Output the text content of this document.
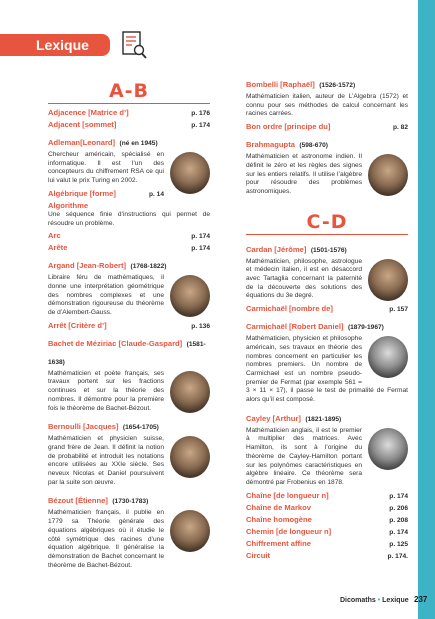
Lexique
A-B
Adjacence [Matrice d’]	p. 176
Adjacent [sommet]	p. 174
Adleman[Leonard] (né en 1945)
Chercheur américain, spécialisé en informatique. Il est l’un des concepteurs du chiffrement RSA ce qui lui valut le prix Turing en 2002.
Algébrique [forme]	p. 14
Algorithme
Une séquence finie d’instructions qui permet de résoudre un problème.
Arc	p. 174
Arête	p. 174
Argand [Jean-Robert] (1768-1822)
Libraire féru de mathématiques, il donne une interprétation géométrique des nombres complexes et une démonstration rigoureuse du théorème de d’Alembert-Gauss.
Arrêt [Critère d’]	p. 136
Bachet de Méziriac [Claude-Gaspard] (1581-1638)
Mathématicien et poète français, ses travaux portent sur les fractions continues et sur la théorie des nombres. Il démontre pour la première fois le théorème de Bachet-Bézout.
Bernoulli [Jacques] (1654-1705)
Mathématicien et physicien suisse, grand frère de Jean. Il définit la notion de probabilité et introduit les notations encore utilisées au XXIe siècle. Ses neveux Nicolas et Daniel poursuivent par la suite son œuvre.
Bézout [Étienne] (1730-1783)
Mathématicien français, il publie en 1779 sa Théorie générale des équations algébriques où il étudie le côté symétrique des racines d’une équation algébrique. Il généralise la démonstration de Bachet concernant le théorème de Bachet-Bézout.
Bombelli [Raphaël] (1526-1572)
Mathématicien italien, auteur de L’Algebra (1572) et connu pour ses méthodes de calcul concernant les racines carrées.
Bon ordre [principe du]	p. 82
Brahmagupta (598-670)
Mathématicien et astronome indien. Il définit le zéro et les règles des signes sur les entiers relatifs. Il utilise l’algèbre pour résoudre des problèmes astronomiques.
C-D
Cardan [Jérôme] (1501-1576)
Mathématicien, philosophe, astrologue et médecin italien, il est en désaccord avec Tartaglia concernant la paternité de la découverte des solutions des équations du 3e degré.
Carmichaël [nombre de]	p. 157
Carmichaël [Robert Daniel] (1879-1967)
Mathématicien, physicien et philosophe américain, ses travaux en théorie des nombres concernent en particulier les nombres premiers. Un nombre de Carmichael est un nombre pseudo-premier de Fermat (par exemple 561 = 3 × 11 × 17), il passe le test de primalité de Fermat alors qu’il est composé.
Cayley [Arthur] (1821-1895)
Mathématicien anglais, il est le premier à multiplier des matrices. Avec Hamilton, ils sont à l’origine du théorème de Cayley-Hamilton portant sur les polynômes caractéristiques en algèbre linéaire. Ce théorème sera démontré par Frobenius en 1878.
Chaîne [de longueur n]	p. 174
Chaîne de Markov	p. 206
Chaîne homogène	p. 208
Chemin [de longueur n]	p. 174
Chiffrement affine	p. 125
Circuit	p. 174.
Dicomaths • Lexique 237
